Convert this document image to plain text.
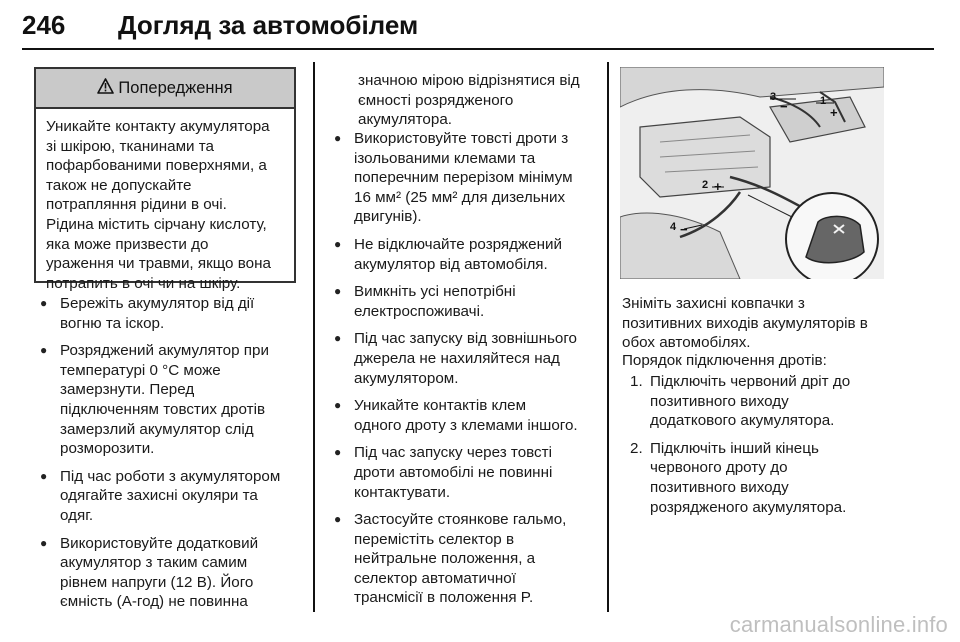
246 Догляд за автомобілем
Попередження
Уникайте контакту акумулятора
зі шкірою, тканинами та
пофарбованими поверхнями, а
також не допускайте
потрапляння рідини в очі.
Рідина містить сірчану кислоту,
яка може призвести до
ураження чи травми, якщо вона
потрапить в очі чи на шкіру.
● Бережіть акумулятор від дії
вогню та іскор.
● Розряджений акумулятор при
температурі 0 °C може
замерзнути. Перед
підключенням товстих дротів
замерзлий акумулятор слід
розморозити.
● Під час роботи з акумулятором
одягайте захисні окуляри та
одяг.
● Використовуйте додатковий
акумулятор з таким самим
рівнем напруги (12 В). Його
ємність (А-год) не повинна
значною мірою відрізнятися від
ємності розрядженого
акумулятора.
● Використовуйте товсті дроти з
ізольованими клемами та
поперечним перерізом мінімум
16 мм² (25 мм² для дизельних
двигунів).
● Не відключайте розряджений
акумулятор від автомобіля.
● Вимкніть усі непотрібні
електроспоживачі.
● Під час запуску від зовнішнього
джерела не нахиляйтеся над
акумулятором.
● Уникайте контактів клем
одного дроту з клемами іншого.
● Під час запуску через товсті
дроти автомобілі не повинні
контактувати.
● Застосуйте стоянкове гальмо,
перемістіть селектор в
нейтральне положення, а
селектор автоматичної
трансмісії в положення P.
1
+
3
−
2 +
4 −
Зніміть захисні ковпачки з
позитивних виходів акумуляторів в
обох автомобілях.
Порядок підключення дротів:
1. Підключіть червоний дріт до
позитивного виходу
додаткового акумулятора.
2. Підключіть інший кінець
червоного дроту до
позитивного виходу
розрядженого акумулятора.
carmanualsonline.info
